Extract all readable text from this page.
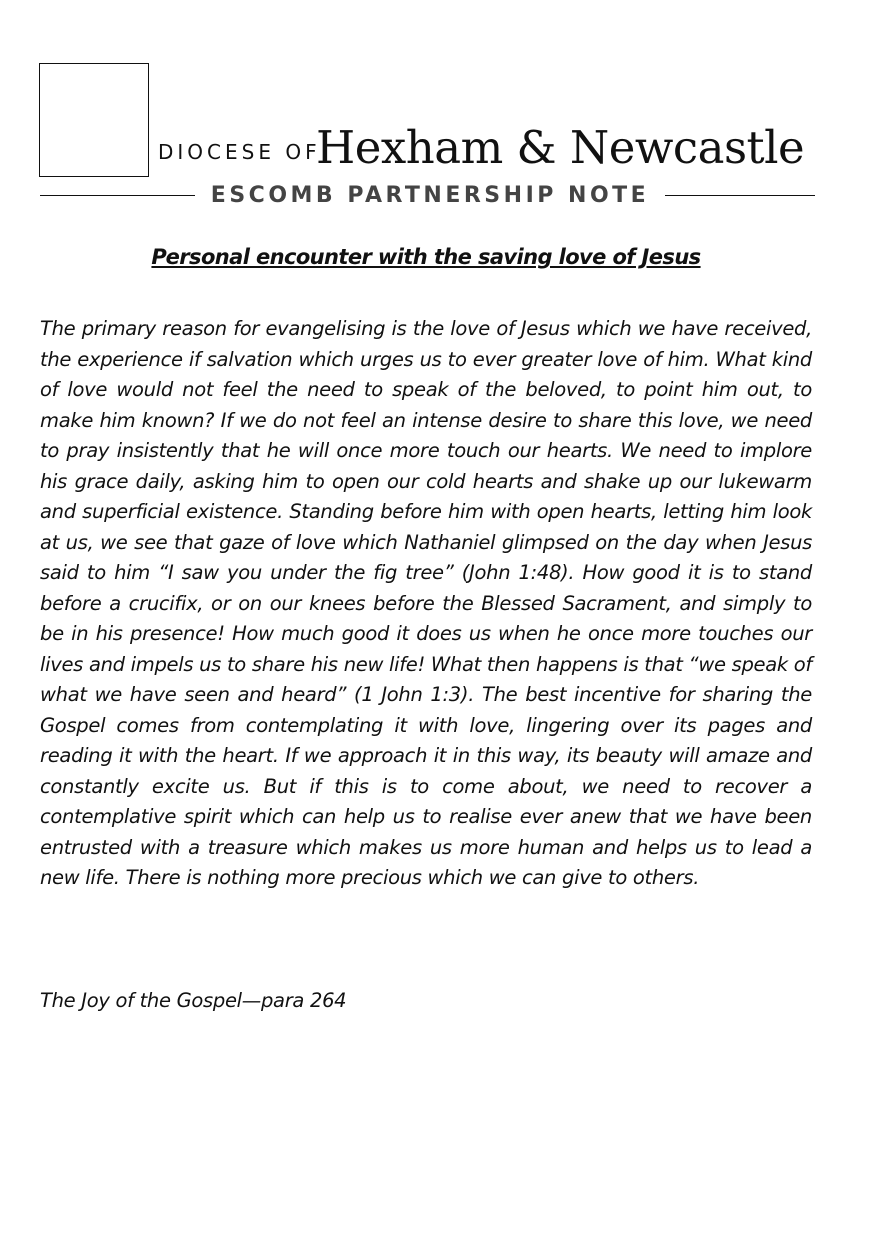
DIOCESE OF
Hexham & Newcastle
ESCOMB PARTNERSHIP NOTE
Personal encounter with the saving love of Jesus

The primary reason for evangelising is the love of Jesus which we have received, the experience if salvation which urges us to ever greater love of him. What kind of love would not feel the need to speak of the beloved, to point him out, to make him known? If we do not feel an intense desire to share this love, we need to pray insistently that he will once more touch our hearts. We need to implore his grace daily, asking him to open our cold hearts and shake up our lukewarm and superficial existence. Standing before him with open hearts, letting him look at us, we see that gaze of love which Nathaniel glimpsed on the day when Jesus said to him “I saw you under the fig tree” (John 1:48). How good it is to stand before a crucifix, or on our knees before the Blessed Sacrament, and simply to be in his presence! How much good it does us when he once more touches our lives and impels us to share his new life! What then happens is that “we speak of what we have seen and heard” (1 John 1:3). The best incentive for sharing the Gospel comes from contemplating it with love, lingering over its pages and reading it with the heart. If we approach it in this way, its beauty will amaze and constantly excite us. But if this is to come about, we need to recover a contemplative spirit which can help us to realise ever anew that we have been entrusted with a treasure which makes us more human and helps us to lead a new life. There is nothing more precious which we can give to others.

The Joy of the Gospel—para 264
